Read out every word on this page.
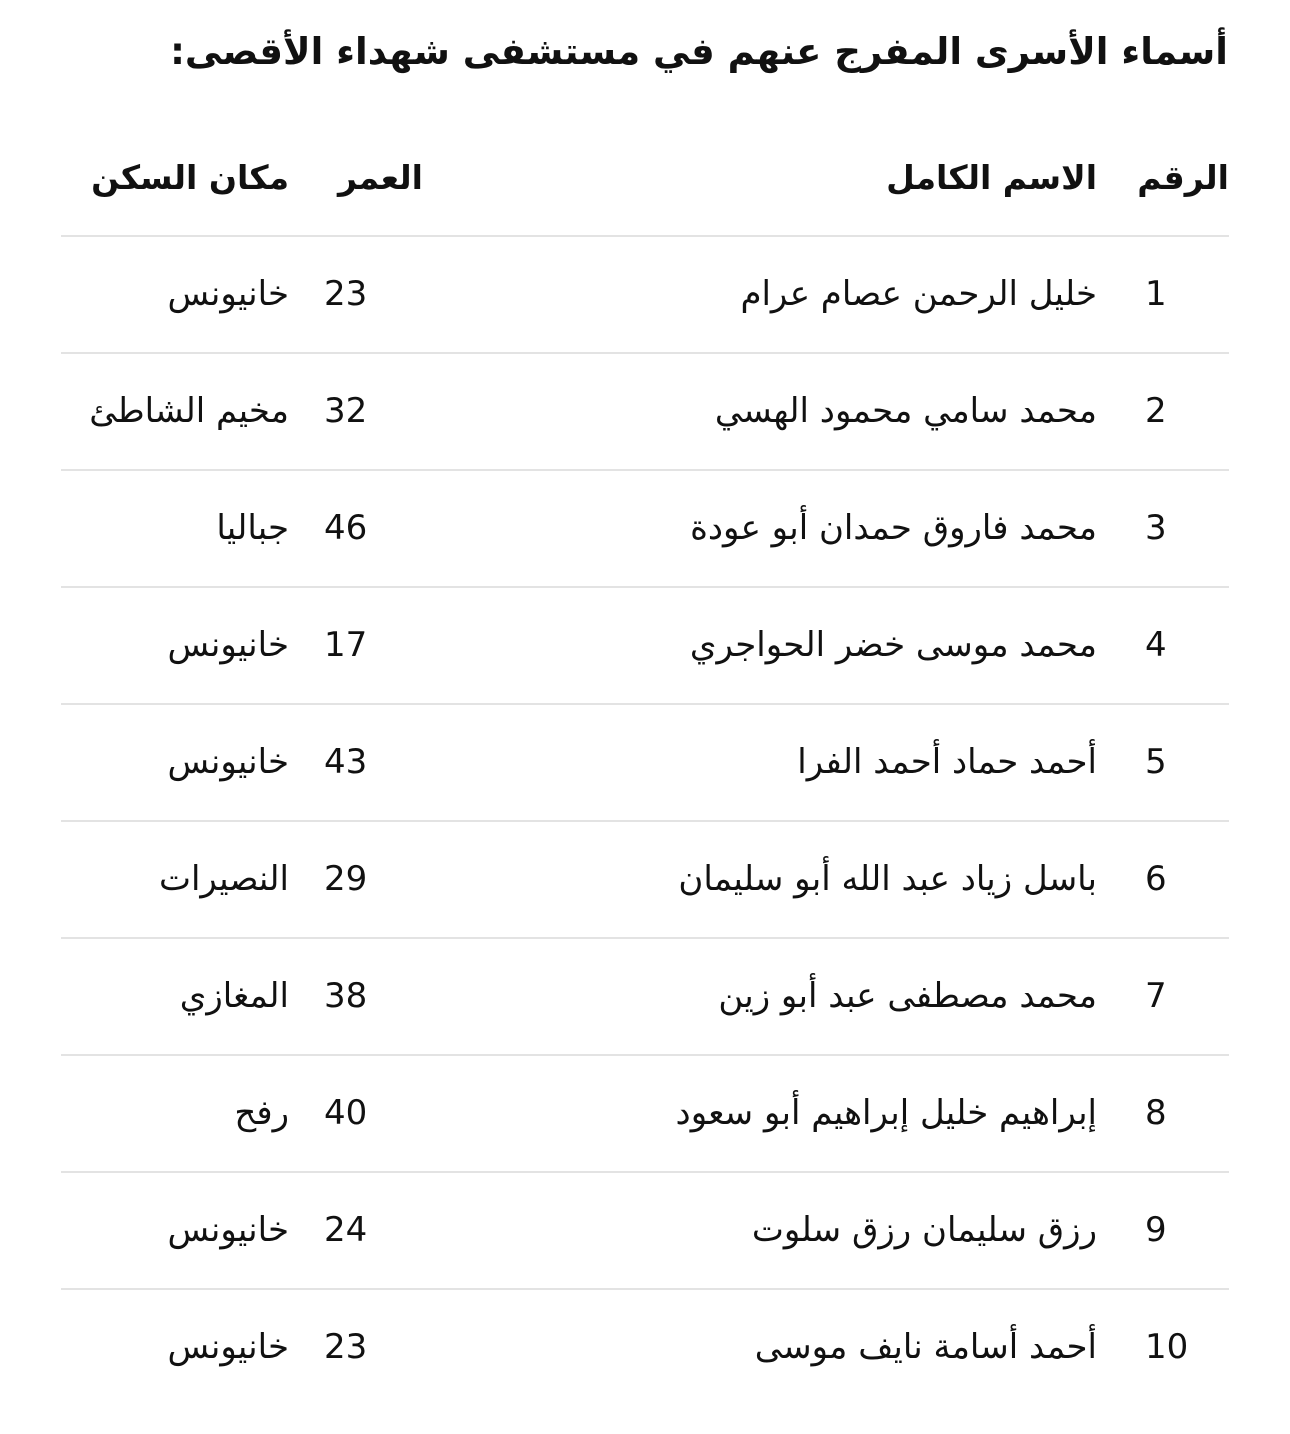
أسماء الأسرى المفرج عنهم في مستشفى شهداء الأقصى:
الرقم
الاسم الكامل
العمر
مكان السكن
1
خليل الرحمن عصام عرام
23
خانيونس
2
محمد سامي محمود الهسي
32
مخيم الشاطئ
3
محمد فاروق حمدان أبو عودة
46
جباليا
4
محمد موسى خضر الحواجري
17
خانيونس
5
أحمد حماد أحمد الفرا
43
خانيونس
6
باسل زياد عبد الله أبو سليمان
29
النصيرات
7
محمد مصطفى عبد أبو زين
38
المغازي
8
إبراهيم خليل إبراهيم أبو سعود
40
رفح
9
رزق سليمان رزق سلوت
24
خانيونس
10
أحمد أسامة نايف موسى
23
خانيونس
